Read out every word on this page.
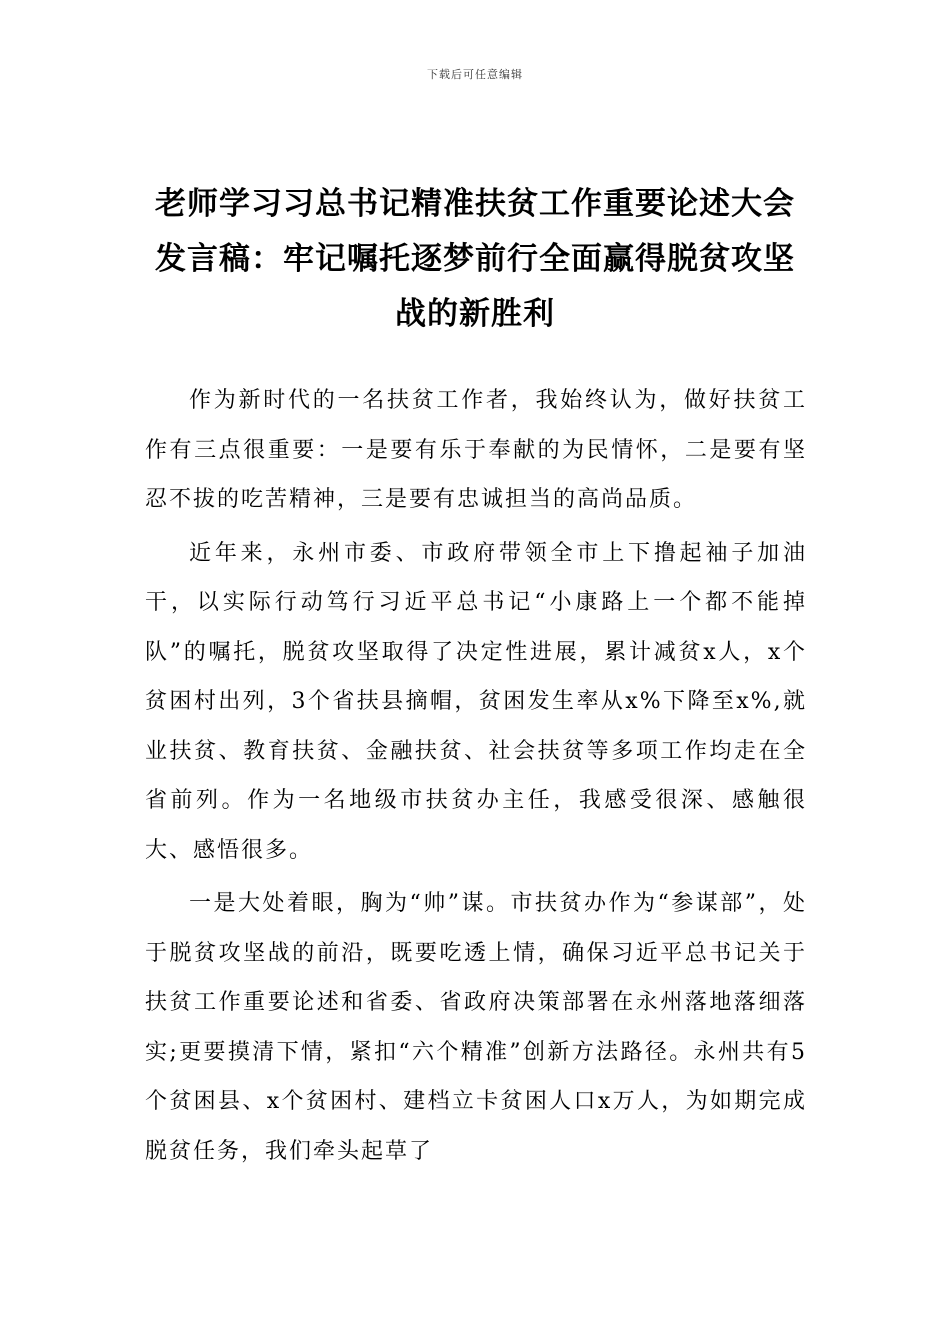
下载后可任意编辑
老师学习习总书记精准扶贫工作重要论述大会发言稿：牢记嘱托逐梦前行全面赢得脱贫攻坚战的新胜利

作为新时代的一名扶贫工作者，我始终认为，做好扶贫工作有三点很重要：一是要有乐于奉献的为民情怀，二是要有坚忍不拔的吃苦精神，三是要有忠诚担当的高尚品质。

近年来，永州市委、市政府带领全市上下撸起袖子加油干，以实际行动笃行习近平总书记“小康路上一个都不能掉队”的嘱托，脱贫攻坚取得了决定性进展，累计减贫x人，x个贫困村出列，3个省扶县摘帽，贫困发生率从x%下降至x%,就业扶贫、教育扶贫、金融扶贫、社会扶贫等多项工作均走在全省前列。作为一名地级市扶贫办主任，我感受很深、感触很大、感悟很多。

一是大处着眼，胸为“帅”谋。市扶贫办作为“参谋部”，处于脱贫攻坚战的前沿，既要吃透上情，确保习近平总书记关于扶贫工作重要论述和省委、省政府决策部署在永州落地落细落实;更要摸清下情，紧扣“六个精准”创新方法路径。永州共有5个贫困县、x个贫困村、建档立卡贫困人口x万人，为如期完成脱贫任务，我们牵头起草了
